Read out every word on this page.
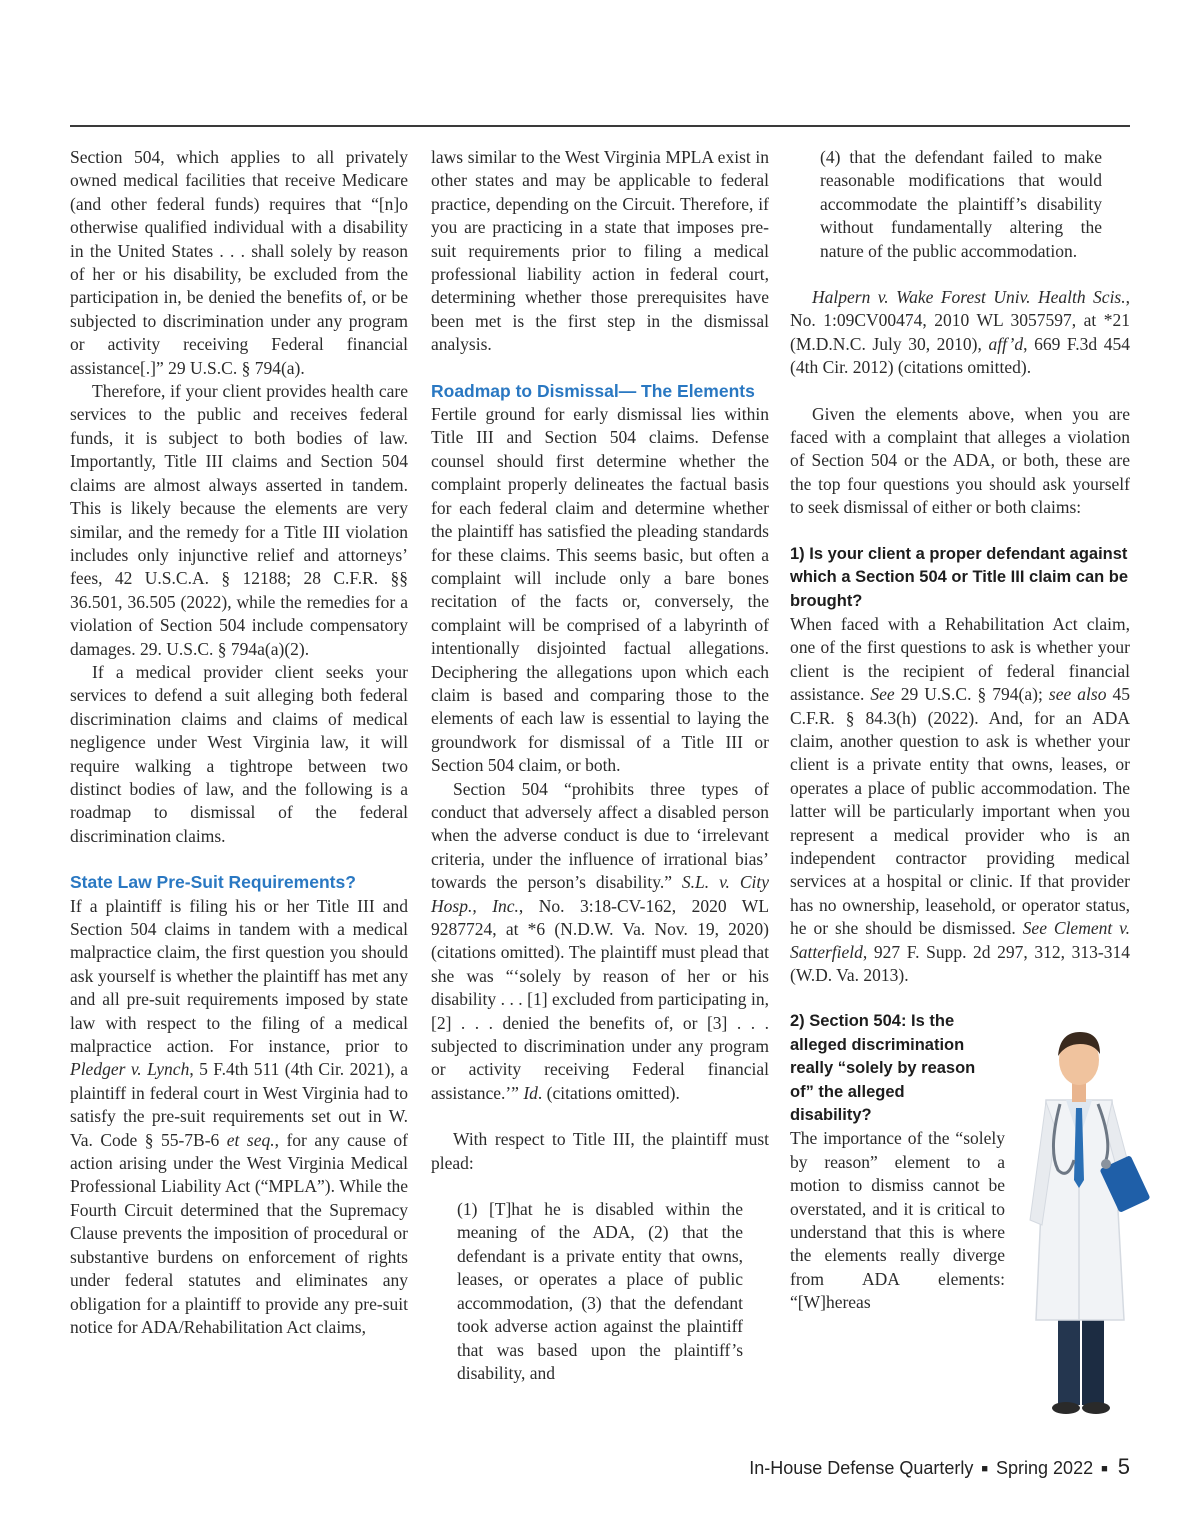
Section 504, which applies to all privately owned medical facilities that receive Medicare (and other federal funds) requires that “[n]o otherwise qualified individual with a disability in the United States . . . shall solely by reason of her or his disability, be excluded from the participation in, be denied the benefits of, or be subjected to discrimination under any program or activity receiving Federal financial assistance[.]” 29 U.S.C. § 794(a).

Therefore, if your client provides health care services to the public and receives federal funds, it is subject to both bodies of law. Importantly, Title III claims and Section 504 claims are almost always asserted in tandem. This is likely because the elements are very similar, and the remedy for a Title III violation includes only injunctive relief and attorneys’ fees, 42 U.S.C.A. § 12188; 28 C.F.R. §§ 36.501, 36.505 (2022), while the remedies for a violation of Section 504 include compensatory damages. 29. U.S.C. § 794a(a)(2).

If a medical provider client seeks your services to defend a suit alleging both federal discrimination claims and claims of medical negligence under West Virginia law, it will require walking a tightrope between two distinct bodies of law, and the following is a roadmap to dismissal of the federal discrimination claims.

State Law Pre-Suit Requirements?

If a plaintiff is filing his or her Title III and Section 504 claims in tandem with a medical malpractice claim, the first question you should ask yourself is whether the plaintiff has met any and all pre-suit requirements imposed by state law with respect to the filing of a medical malpractice action. For instance, prior to Pledger v. Lynch, 5 F.4th 511 (4th Cir. 2021), a plaintiff in federal court in West Virginia had to satisfy the pre-suit requirements set out in W. Va. Code § 55-7B-6 et seq., for any cause of action arising under the West Virginia Medical Professional Liability Act (“MPLA”). While the Fourth Circuit determined that the Supremacy Clause prevents the imposition of procedural or substantive burdens on enforcement of rights under federal statutes and eliminates any obligation for a plaintiff to provide any pre-suit notice for ADA/Rehabilitation Act claims,

laws similar to the West Virginia MPLA exist in other states and may be applicable to federal practice, depending on the Circuit. Therefore, if you are practicing in a state that imposes pre-suit requirements prior to filing a medical professional liability action in federal court, determining whether those prerequisites have been met is the first step in the dismissal analysis.

Roadmap to Dismissal— The Elements

Fertile ground for early dismissal lies within Title III and Section 504 claims. Defense counsel should first determine whether the complaint properly delineates the factual basis for each federal claim and determine whether the plaintiff has satisfied the pleading standards for these claims. This seems basic, but often a complaint will include only a bare bones recitation of the facts or, conversely, the complaint will be comprised of a labyrinth of intentionally disjointed factual allegations. Deciphering the allegations upon which each claim is based and comparing those to the elements of each law is essential to laying the groundwork for dismissal of a Title III or Section 504 claim, or both.

Section 504 “prohibits three types of conduct that adversely affect a disabled person when the adverse conduct is due to ‘irrelevant criteria, under the influence of irrational bias’ towards the person’s disability.” S.L. v. City Hosp., Inc., No. 3:18-CV-162, 2020 WL 9287724, at *6 (N.D.W. Va. Nov. 19, 2020) (citations omitted). The plaintiff must plead that she was “‘solely by reason of her or his disability . . . [1] excluded from participating in, [2] . . . denied the benefits of, or [3] . . . subjected to discrimination under any program or activity receiving Federal financial assistance.’” Id. (citations omitted).

With respect to Title III, the plaintiff must plead:

(1) [T]hat he is disabled within the meaning of the ADA, (2) that the defendant is a private entity that owns, leases, or operates a place of public accommodation, (3) that the defendant took adverse action against the plaintiff that was based upon the plaintiff’s disability, and

(4) that the defendant failed to make reasonable modifications that would accommodate the plaintiff’s disability without fundamentally altering the nature of the public accommodation.

Halpern v. Wake Forest Univ. Health Scis., No. 1:09CV00474, 2010 WL 3057597, at *21 (M.D.N.C. July 30, 2010), aff’d, 669 F.3d 454 (4th Cir. 2012) (citations omitted).

Given the elements above, when you are faced with a complaint that alleges a violation of Section 504 or the ADA, or both, these are the top four questions you should ask yourself to seek dismissal of either or both claims:

1) Is your client a proper defendant against which a Section 504 or Title III claim can be brought?

When faced with a Rehabilitation Act claim, one of the first questions to ask is whether your client is the recipient of federal financial assistance. See 29 U.S.C. § 794(a); see also 45 C.F.R. § 84.3(h) (2022). And, for an ADA claim, another question to ask is whether your client is a private entity that owns, leases, or operates a place of public accommodation. The latter will be particularly important when you represent a medical provider who is an independent contractor providing medical services at a hospital or clinic. If that provider has no ownership, leasehold, or operator status, he or she should be dismissed. See Clement v. Satterfield, 927 F. Supp. 2d 297, 312, 313-314 (W.D. Va. 2013).

2) Section 504: Is the alleged discrimination really “solely by reason of” the alleged disability?

The importance of the “solely by reason” element to a motion to dismiss cannot be overstated, and it is critical to understand that this is where the elements really diverge from ADA elements: “[W]hereas

In-House Defense Quarterly ■ Spring 2022 ■ 5
